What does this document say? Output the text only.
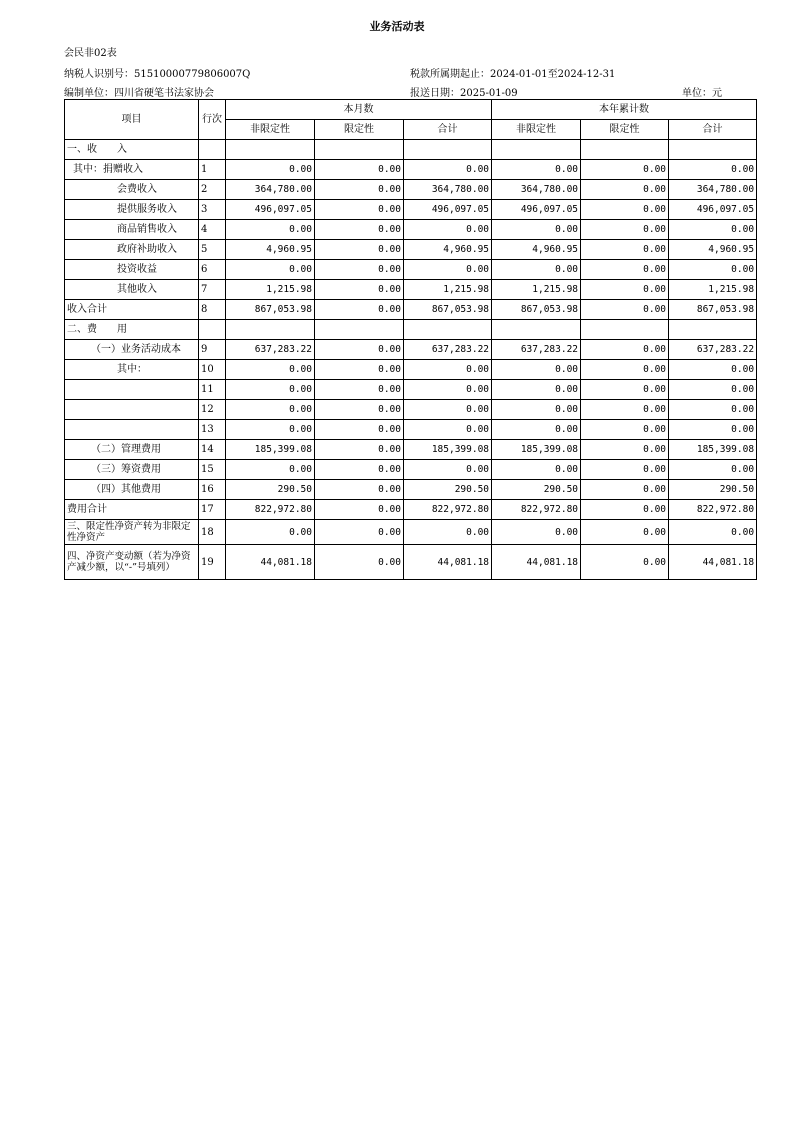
业务活动表
会民非02表
纳税人识别号：51510000779806007Q	税款所属期起止：2024-01-01至2024-12-31
编制单位：四川省硬笔书法家协会	报送日期：2025-01-09	单位：元
项目	行次	本月数			本年累计数		
		非限定性	限定性	合计	非限定性	限定性	合计
一、收　　入							
其中：捐赠收入	1	0.00	0.00	0.00	0.00	0.00	0.00
会费收入	2	364,780.00	0.00	364,780.00	364,780.00	0.00	364,780.00
提供服务收入	3	496,097.05	0.00	496,097.05	496,097.05	0.00	496,097.05
商品销售收入	4	0.00	0.00	0.00	0.00	0.00	0.00
政府补助收入	5	4,960.95	0.00	4,960.95	4,960.95	0.00	4,960.95
投资收益	6	0.00	0.00	0.00	0.00	0.00	0.00
其他收入	7	1,215.98	0.00	1,215.98	1,215.98	0.00	1,215.98
收入合计	8	867,053.98	0.00	867,053.98	867,053.98	0.00	867,053.98
二、费　　用							
（一）业务活动成本	9	637,283.22	0.00	637,283.22	637,283.22	0.00	637,283.22
其中：	10	0.00	0.00	0.00	0.00	0.00	0.00
	11	0.00	0.00	0.00	0.00	0.00	0.00
	12	0.00	0.00	0.00	0.00	0.00	0.00
	13	0.00	0.00	0.00	0.00	0.00	0.00
（二）管理费用	14	185,399.08	0.00	185,399.08	185,399.08	0.00	185,399.08
（三）筹资费用	15	0.00	0.00	0.00	0.00	0.00	0.00
（四）其他费用	16	290.50	0.00	290.50	290.50	0.00	290.50
费用合计	17	822,972.80	0.00	822,972.80	822,972.80	0.00	822,972.80
三、限定性净资产转为非限定性净资产	18	0.00	0.00	0.00	0.00	0.00	0.00
四、净资产变动额（若为净资产减少额，以“-”号填列）	19	44,081.18	0.00	44,081.18	44,081.18	0.00	44,081.18
